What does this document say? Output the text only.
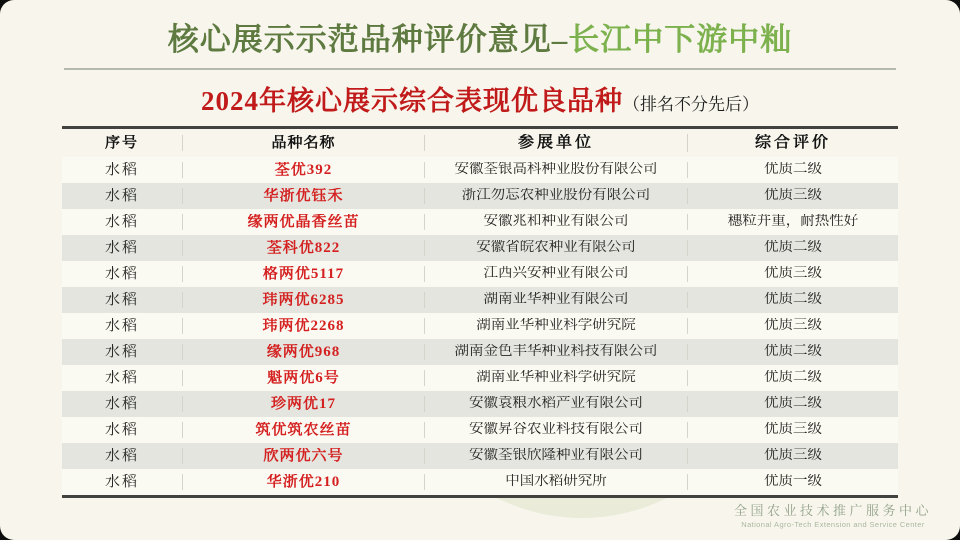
核心展示示范品种评价意见–长江中下游中籼
2024年核心展示综合表现优良品种（排名不分先后）
序号	品种名称	参展单位	综合评价
水稻	荃优392	安徽荃银高科种业股份有限公司	优质二级
水稻	华浙优钰禾	浙江勿忘农种业股份有限公司	优质三级
水稻	缘两优晶香丝苗	安徽兆和种业有限公司	穗粒并重，耐热性好
水稻	荃科优822	安徽省皖农种业有限公司	优质二级
水稻	格两优5117	江西兴安种业有限公司	优质三级
水稻	玮两优6285	湖南亚华种业有限公司	优质二级
水稻	玮两优2268	湖南亚华种业科学研究院	优质三级
水稻	缘两优968	湖南金色丰华种业科技有限公司	优质二级
水稻	魁两优6号	湖南亚华种业科学研究院	优质二级
水稻	珍两优17	安徽袁粮水稻产业有限公司	优质二级
水稻	筑优筑农丝苗	安徽昇谷农业科技有限公司	优质三级
水稻	欣两优六号	安徽荃银欣隆种业有限公司	优质三级
水稻	华浙优210	中国水稻研究所	优质一级
全国农业技术推广服务中心
National Agro-Tech Extension and Service Center
